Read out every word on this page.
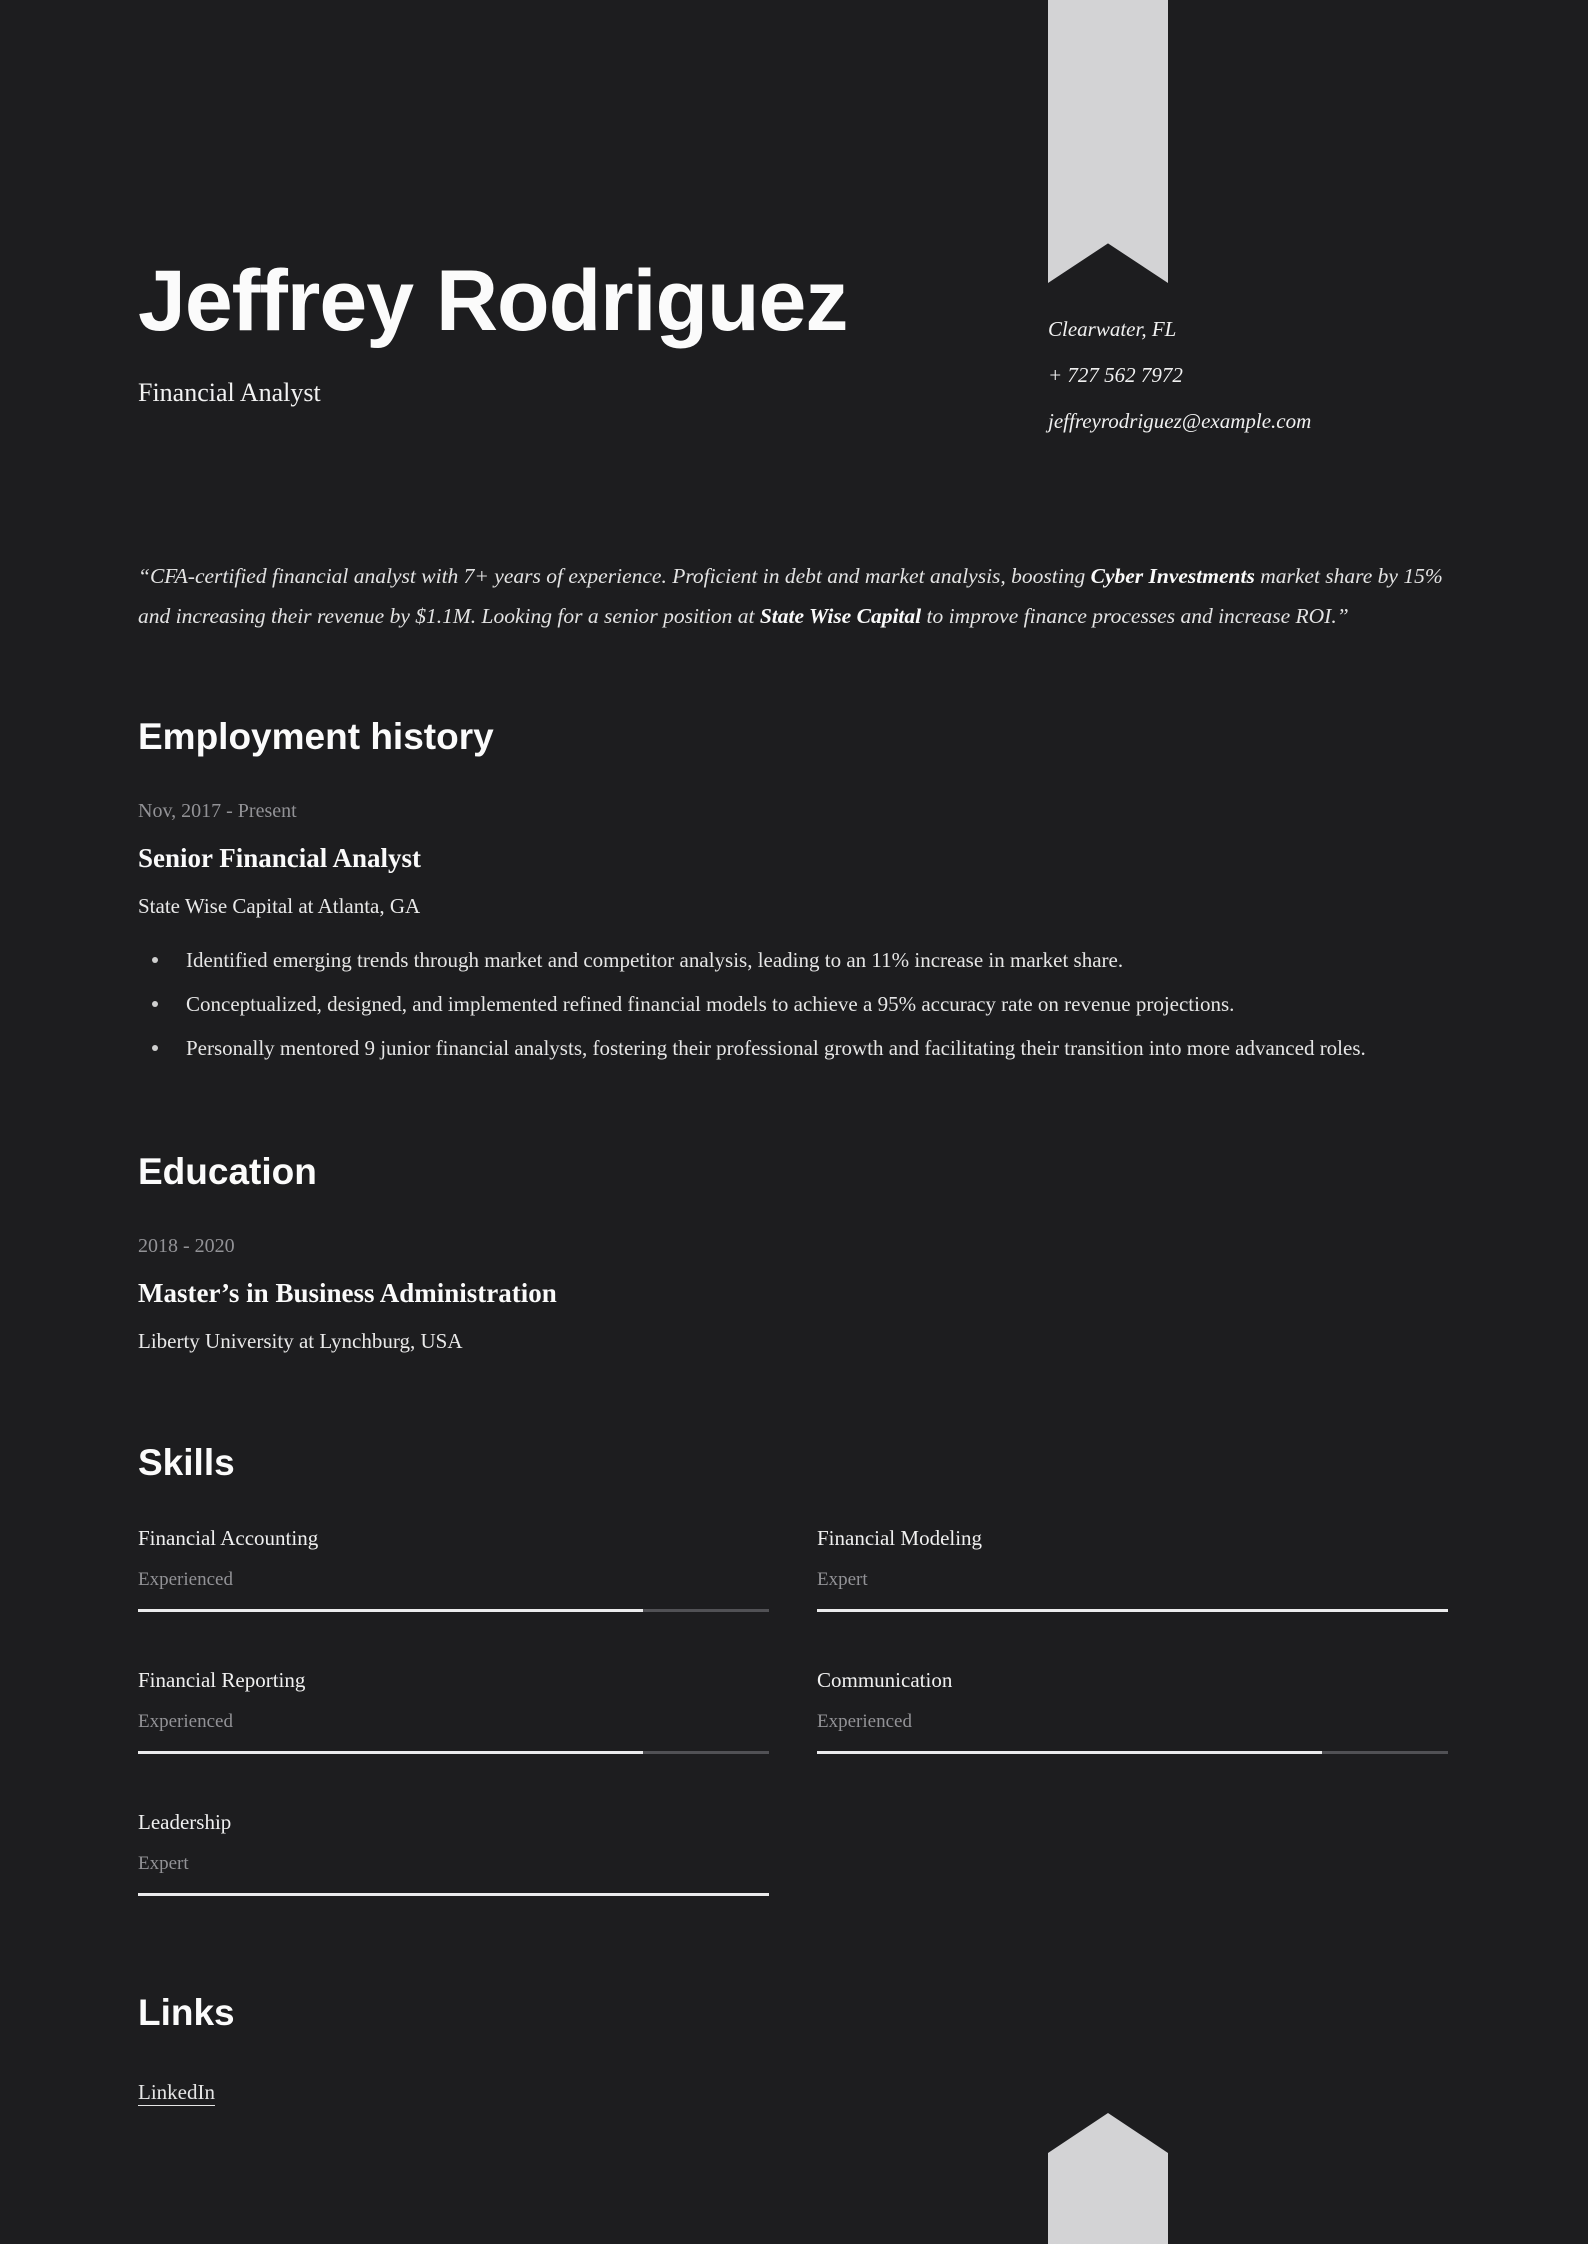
Jeffrey Rodriguez
Financial Analyst
Clearwater, FL
+ 727 562 7972
jeffreyrodriguez@example.com
“CFA-certified financial analyst with 7+ years of experience. Proficient in debt and market analysis, boosting Cyber Investments market share by 15% and increasing their revenue by $1.1M. Looking for a senior position at State Wise Capital to improve finance processes and increase ROI.”
Employment history
Nov, 2017 - Present
Senior Financial Analyst
State Wise Capital at Atlanta, GA
Identified emerging trends through market and competitor analysis, leading to an 11% increase in market share.
Conceptualized, designed, and implemented refined financial models to achieve a 95% accuracy rate on revenue projections.
Personally mentored 9 junior financial analysts, fostering their professional growth and facilitating their transition into more advanced roles.
Education
2018 - 2020
Master’s in Business Administration
Liberty University at Lynchburg, USA
Skills
Financial Accounting
Experienced
Financial Modeling
Expert
Financial Reporting
Experienced
Communication
Experienced
Leadership
Expert
Links
LinkedIn
